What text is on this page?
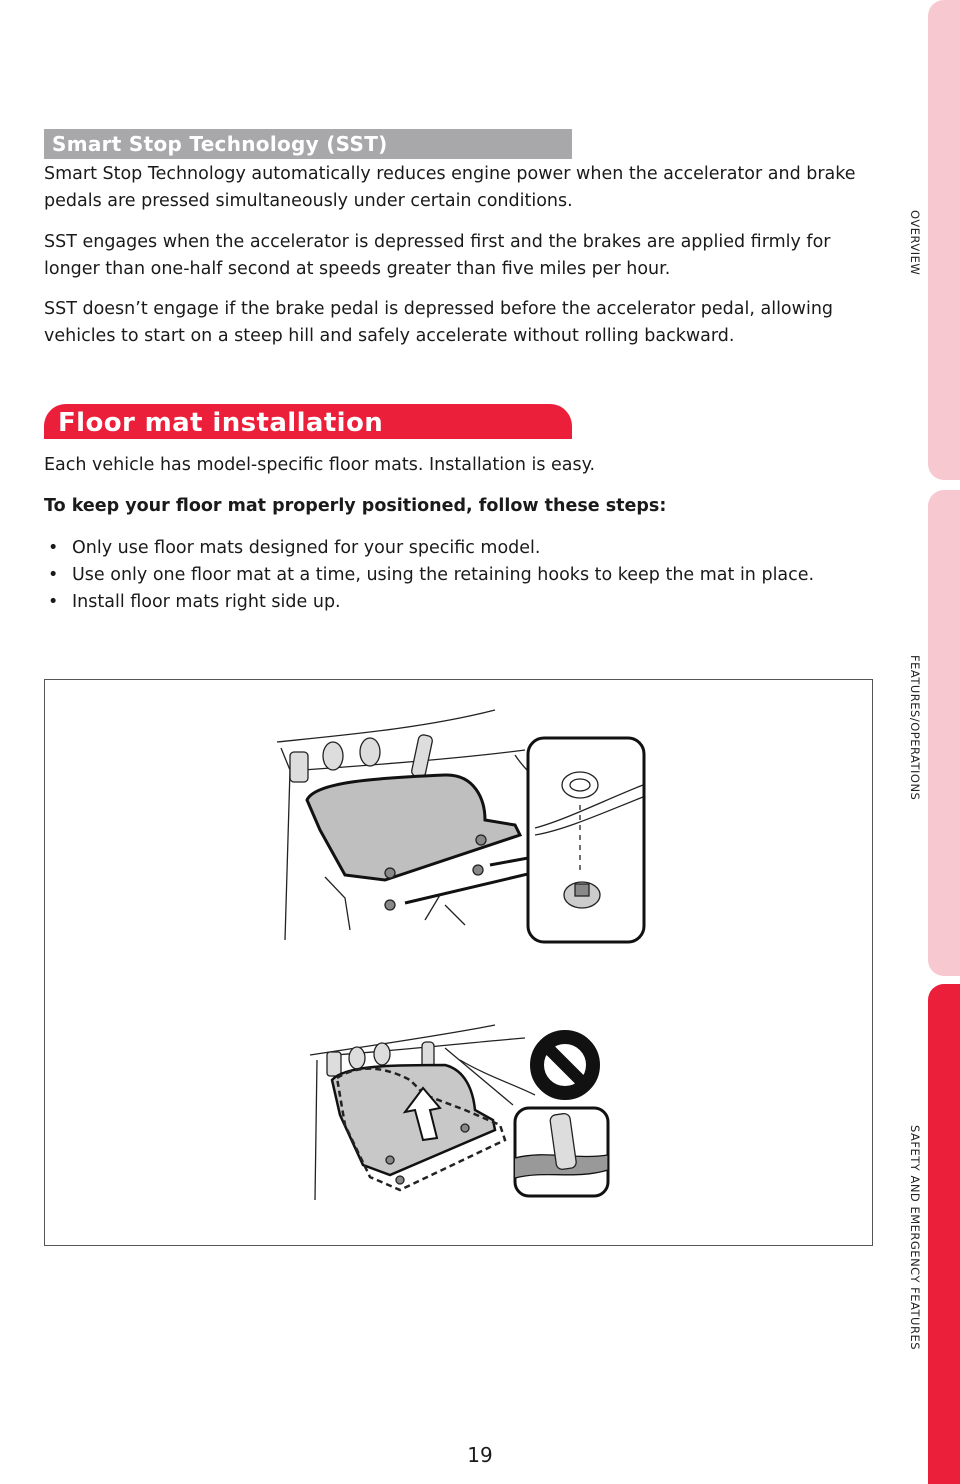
OVERVIEW
FEATURES/OPERATIONS
SAFETY AND EMERGENCY FEATURES
Smart Stop Technology (SST)

Smart Stop Technology automatically reduces engine power when the accelerator and brake pedals are pressed simultaneously under certain conditions.

SST engages when the accelerator is depressed first and the brakes are applied firmly for longer than one-half second at speeds greater than five miles per hour.

SST doesn’t engage if the brake pedal is depressed before the accelerator pedal, allowing vehicles to start on a steep hill and safely accelerate without rolling backward.

Floor mat installation

Each vehicle has model-specific floor mats. Installation is easy.

To keep your floor mat properly positioned, follow these steps:

• Only use floor mats designed for your specific model.
• Use only one floor mat at a time, using the retaining hooks to keep the mat in place.
• Install floor mats right side up.
19
